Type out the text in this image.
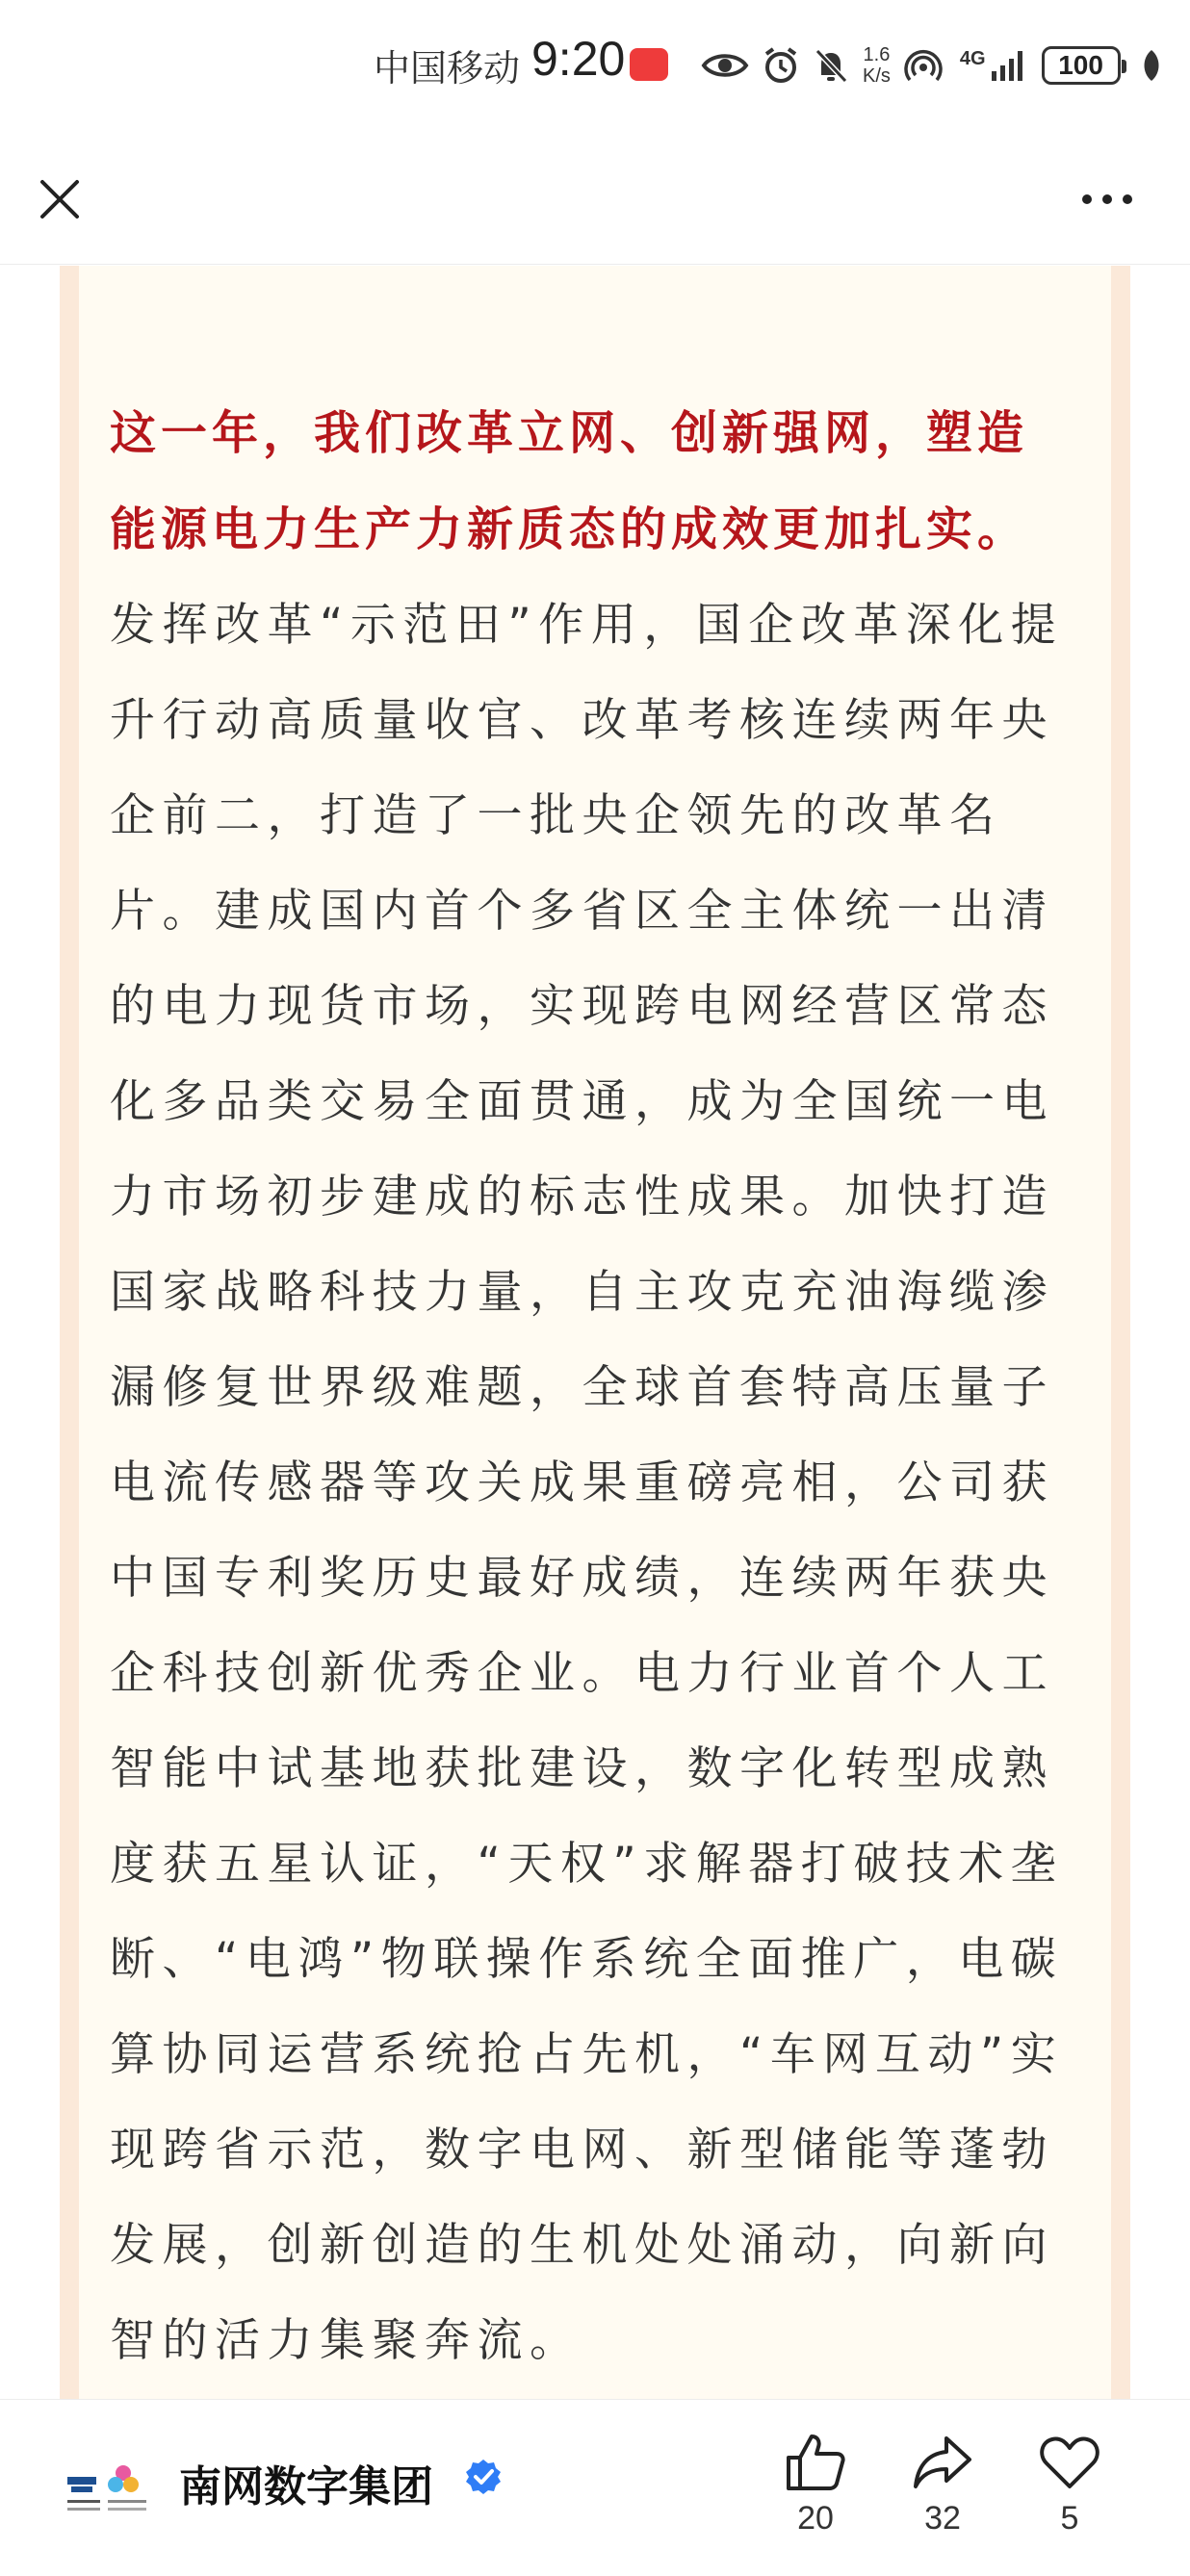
中国移动 9:20	1.6
K/s
4G	100
这一年，我们改革立网、创新强网，塑造
能源电力生产力新质态的成效更加扎实。
发挥改革“示范田”作用，国企改革深化提
升行动高质量收官、改革考核连续两年央
企前二，打造了一批央企领先的改革名
片。建成国内首个多省区全主体统一出清
的电力现货市场，实现跨电网经营区常态
化多品类交易全面贯通，成为全国统一电
力市场初步建成的标志性成果。加快打造
国家战略科技力量，自主攻克充油海缆渗
漏修复世界级难题，全球首套特高压量子
电流传感器等攻关成果重磅亮相，公司获
中国专利奖历史最好成绩，连续两年获央
企科技创新优秀企业。电力行业首个人工
智能中试基地获批建设，数字化转型成熟
度获五星认证，“天权”求解器打破技术垄
断、“电鸿”物联操作系统全面推广，电碳
算协同运营系统抢占先机，“车网互动”实
现跨省示范，数字电网、新型储能等蓬勃
发展，创新创造的生机处处涌动，向新向
智的活力集聚奔流。
南网数字集团
20	32	5
